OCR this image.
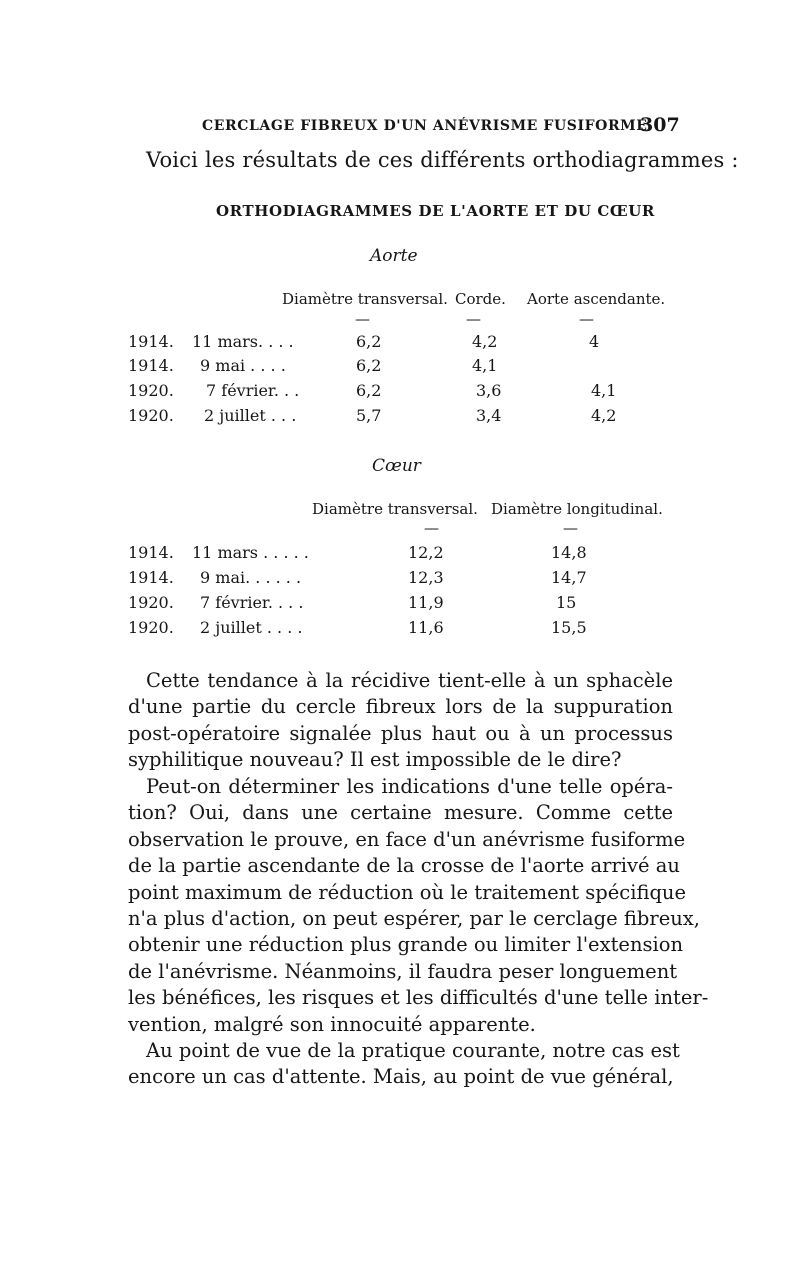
CERCLAGE FIBREUX D'UN ANÉVRISME FUSIFORME
307
Voici les résultats de ces différents orthodiagrammes :
ORTHODIAGRAMMES DE L'AORTE ET DU CŒUR
Aorte
Diamètre transversal. Corde. Aorte ascendante.
—	—	—
1914. 11 mars. . . .	6,2	4,2	4
1914. 9 mai . . . .	6,2	4,1
1920. 7 février. . .	6,2	3,6	4,1
1920. 2 juillet . . .	5,7	3,4	4,2
Cœur
Diamètre transversal. Diamètre longitudinal.
—	—
1914. 11 mars . . . . .	12,2	14,8
1914. 9 mai. . . . . .	12,3	14,7
1920. 7 février. . . .	11,9	15
1920. 2 juillet . . . .	11,6	15,5
Cette tendance à la récidive tient-elle à un sphacèle
d'une partie du cercle fibreux lors de la suppuration
post-opératoire signalée plus haut ou à un processus
syphilitique nouveau? Il est impossible de le dire?
Peut-on déterminer les indications d'une telle opéra-
tion? Oui, dans une certaine mesure. Comme cette
observation le prouve, en face d'un anévrisme fusiforme
de la partie ascendante de la crosse de l'aorte arrivé au
point maximum de réduction où le traitement spécifique
n'a plus d'action, on peut espérer, par le cerclage fibreux,
obtenir une réduction plus grande ou limiter l'extension
de l'anévrisme. Néanmoins, il faudra peser longuement
les bénéfices, les risques et les difficultés d'une telle inter-
vention, malgré son innocuité apparente.
Au point de vue de la pratique courante, notre cas est
encore un cas d'attente. Mais, au point de vue général,
